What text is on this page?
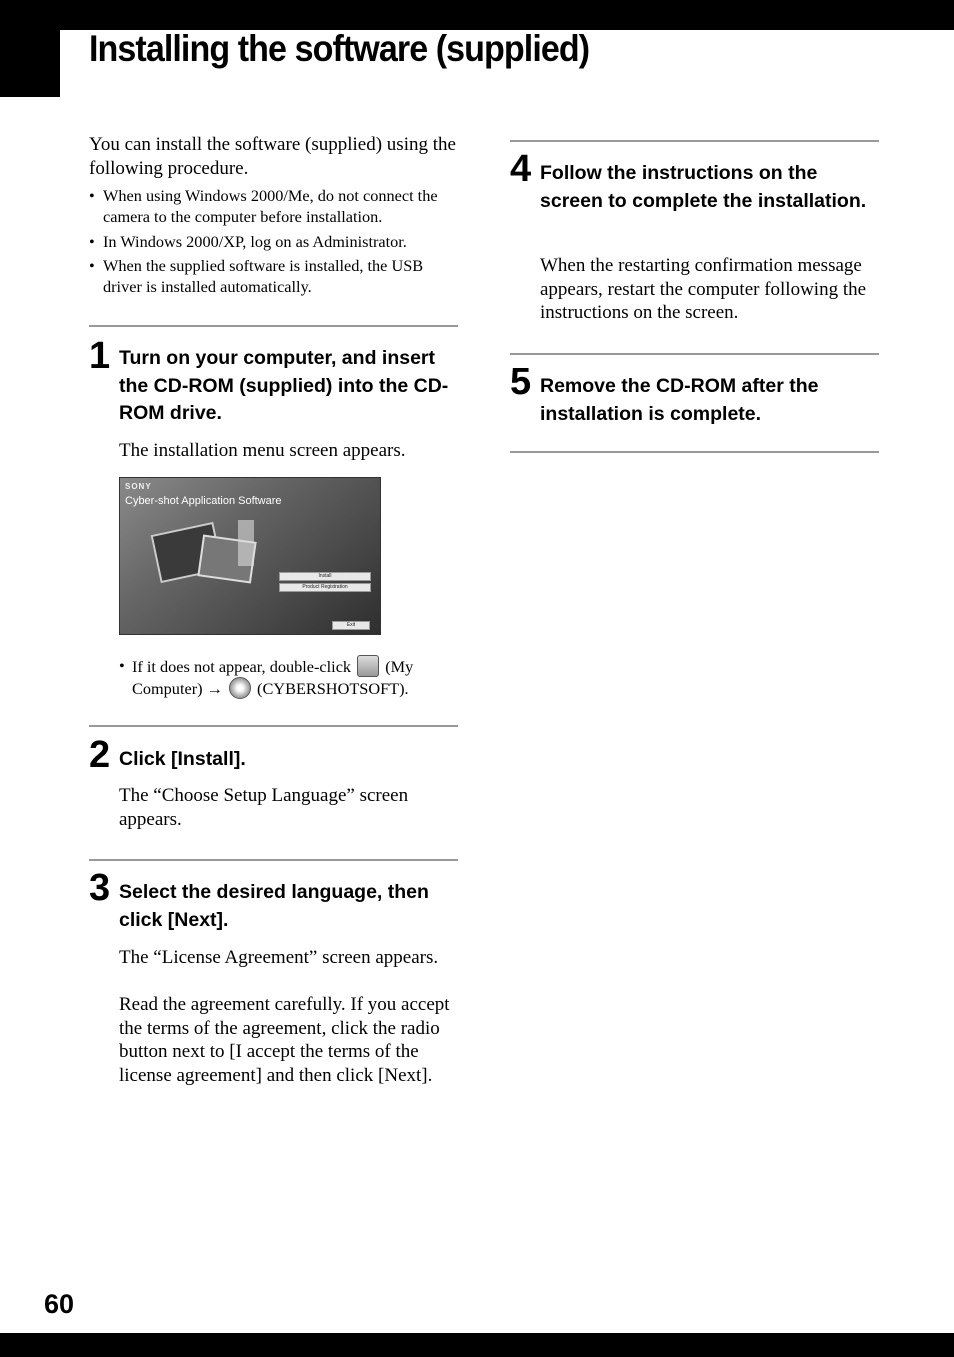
Installing the software (supplied)
You can install the software (supplied) using the following procedure.
• When using Windows 2000/Me, do not connect the camera to the computer before installation.
• In Windows 2000/XP, log on as Administrator.
• When the supplied software is installed, the USB driver is installed automatically.
1 Turn on your computer, and insert the CD-ROM (supplied) into the CD-ROM drive.
The installation menu screen appears.
SONY
Cyber-shot Application Software
Install
Product Registration
Exit
• If it does not appear, double-click (My Computer) → (CYBERSHOTSOFT).
2 Click [Install].
The “Choose Setup Language” screen appears.
3 Select the desired language, then click [Next].
The “License Agreement” screen appears.
Read the agreement carefully. If you accept the terms of the agreement, click the radio button next to [I accept the terms of the license agreement] and then click [Next].
4 Follow the instructions on the screen to complete the installation.
When the restarting confirmation message appears, restart the computer following the instructions on the screen.
5 Remove the CD-ROM after the installation is complete.
60
